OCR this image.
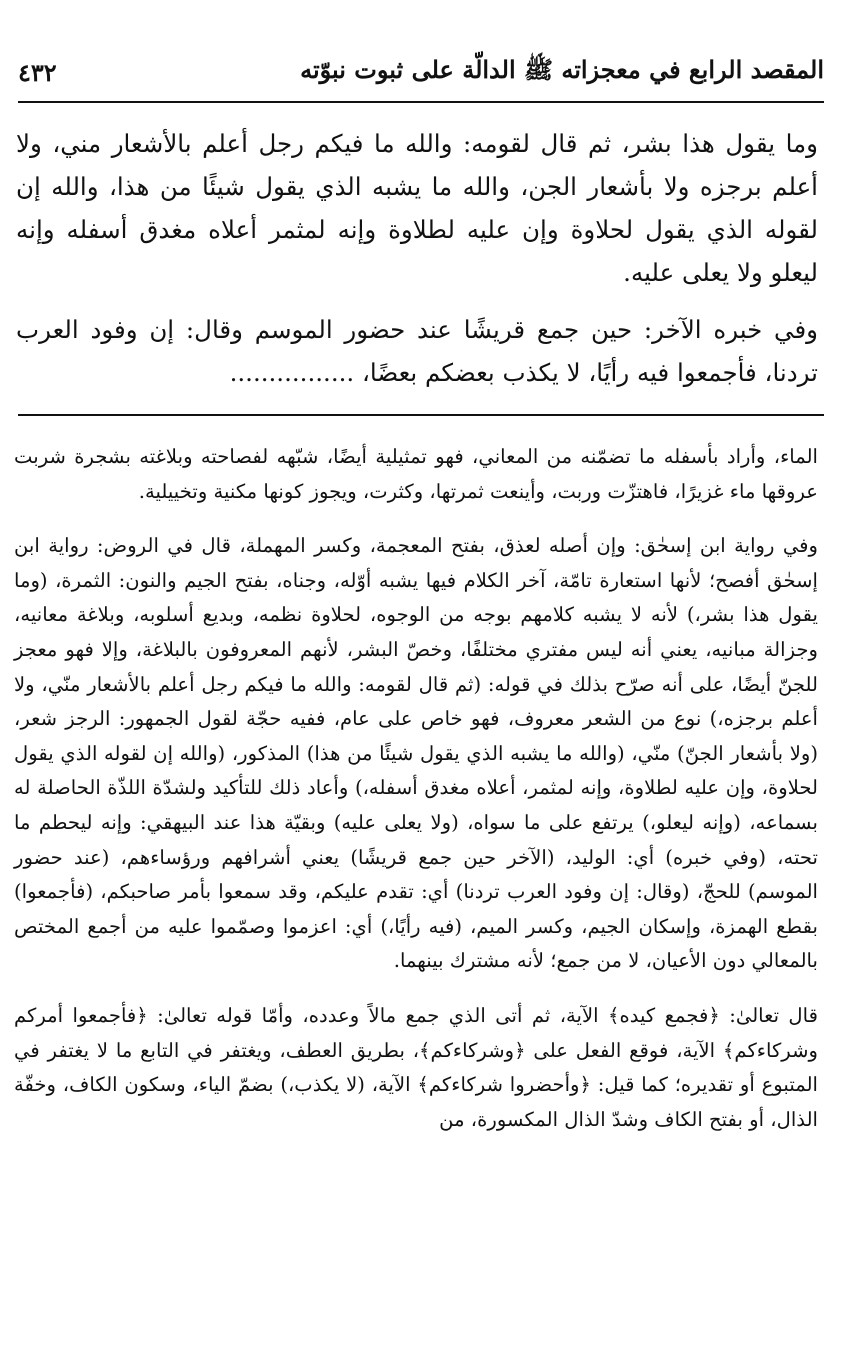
المقصد الرابع في معجزاته ﷺ الدالّة على ثبوت نبوّته
٤٣٢

وما يقول هذا بشر، ثم قال لقومه: والله ما فيكم رجل أعلم بالأشعار مني، ولا أعلم برجزه ولا بأشعار الجن، والله ما يشبه الذي يقول شيئًا من هذا، والله إن لقوله الذي يقول لحلاوة وإن عليه لطلاوة وإنه لمثمر أعلاه مغدق أسفله وإنه ليعلو ولا يعلى عليه.

وفي خبره الآخر: حين جمع قريشًا عند حضور الموسم وقال: إن وفود العرب تردنا، فأجمعوا فيه رأيًا، لا يكذب بعضكم بعضًا، ................

الماء، وأراد بأسفله ما تضمّنه من المعاني، فهو تمثيلية أيضًا، شبّهه لفصاحته وبلاغته بشجرة شربت عروقها ماء غزيرًا، فاهتزّت وربت، وأينعت ثمرتها، وكثرت، ويجوز كونها مكنية وتخييلية.

وفي رواية ابن إسحٰق: وإن أصله لعذق، بفتح المعجمة، وكسر المهملة، قال في الروض: رواية ابن إسحٰق أفصح؛ لأنها استعارة تامّة، آخر الكلام فيها يشبه أوّله، وجناه، بفتح الجيم والنون: الثمرة، (وما يقول هذا بشر،) لأنه لا يشبه كلامهم بوجه من الوجوه، لحلاوة نظمه، وبديع أسلوبه، وبلاغة معانيه، وجزالة مبانيه، يعني أنه ليس مفتري مختلفًا، وخصّ البشر، لأنهم المعروفون بالبلاغة، وإلا فهو معجز للجنّ أيضًا، على أنه صرّح بذلك في قوله: (ثم قال لقومه: والله ما فيكم رجل أعلم بالأشعار منّي، ولا أعلم برجزه،) نوع من الشعر معروف، فهو خاص على عام، ففيه حجّة لقول الجمهور: الرجز شعر، (ولا بأشعار الجنّ) منّي، (والله ما يشبه الذي يقول شيئًا من هذا) المذكور، (والله إن لقوله الذي يقول لحلاوة، وإن عليه لطلاوة، وإنه لمثمر، أعلاه مغدق أسفله،) وأعاد ذلك للتأكيد ولشدّة اللذّة الحاصلة له بسماعه، (وإنه ليعلو،) يرتفع على ما سواه، (ولا يعلى عليه) وبقيّة هذا عند البيهقي: وإنه ليحطم ما تحته، (وفي خبره) أي: الوليد، (الآخر حين جمع قريشًا) يعني أشرافهم ورؤساءهم، (عند حضور الموسم) للحجّ، (وقال: إن وفود العرب تردنا) أي: تقدم عليكم، وقد سمعوا بأمر صاحبكم، (فأجمعوا) بقطع الهمزة، وإسكان الجيم، وكسر الميم، (فيه رأيًا،) أي: اعزموا وصمّموا عليه من أجمع المختص بالمعالي دون الأعيان، لا من جمع؛ لأنه مشترك بينهما.

قال تعالىٰ: ﴿فجمع كيده﴾ الآية، ثم أتى الذي جمع مالاً وعدده، وأمّا قوله تعالىٰ: ﴿فأجمعوا أمركم وشركاءكم﴾ الآية، فوقع الفعل على ﴿وشركاءكم﴾، بطريق العطف، ويغتفر في التابع ما لا يغتفر في المتبوع أو تقديره؛ كما قيل: ﴿وأحضروا شركاءكم﴾ الآية، (لا يكذب،) بضمّ الياء، وسكون الكاف، وخفّة الذال، أو بفتح الكاف وشدّ الذال المكسورة، من
